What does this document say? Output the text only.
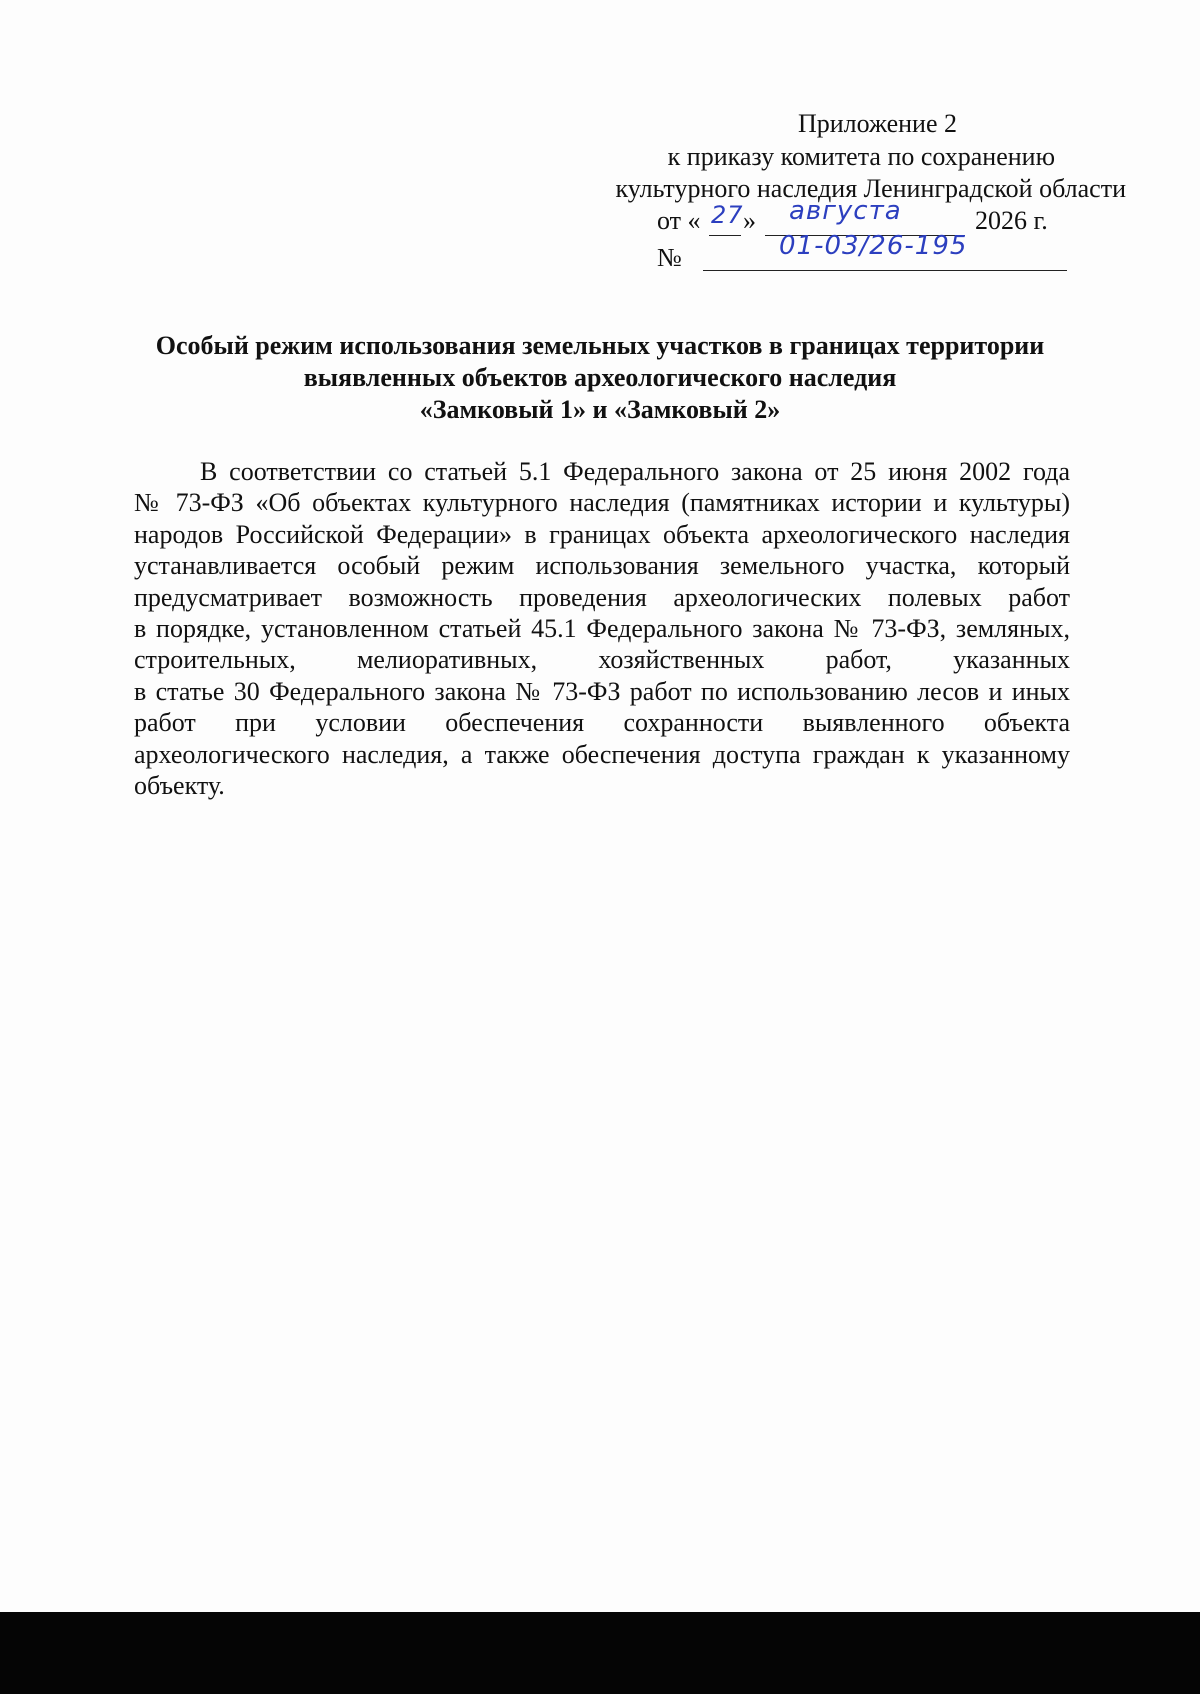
Приложение 2
к приказу комитета по сохранению
культурного наследия Ленинградской области
от « 27 » августа	2026 г.
№	01-03/26-195
Особый режим использования земельных участков в границах территории
выявленных объектов археологического наследия
«Замковый 1» и «Замковый 2»
В соответствии со статьей 5.1 Федерального закона от 25 июня 2002 года
№ 73-ФЗ «Об объектах культурного наследия (памятниках истории и культуры)
народов Российской Федерации» в границах объекта археологического наследия
устанавливается особый режим использования земельного участка, который
предусматривает возможность проведения археологических полевых работ
в порядке, установленном статьей 45.1 Федерального закона № 73-ФЗ, земляных,
строительных, мелиоративных, хозяйственных работ, указанных
в статье 30 Федерального закона № 73-ФЗ работ по использованию лесов и иных
работ при условии обеспечения сохранности выявленного объекта
археологического наследия, а также обеспечения доступа граждан к указанному
объекту.
